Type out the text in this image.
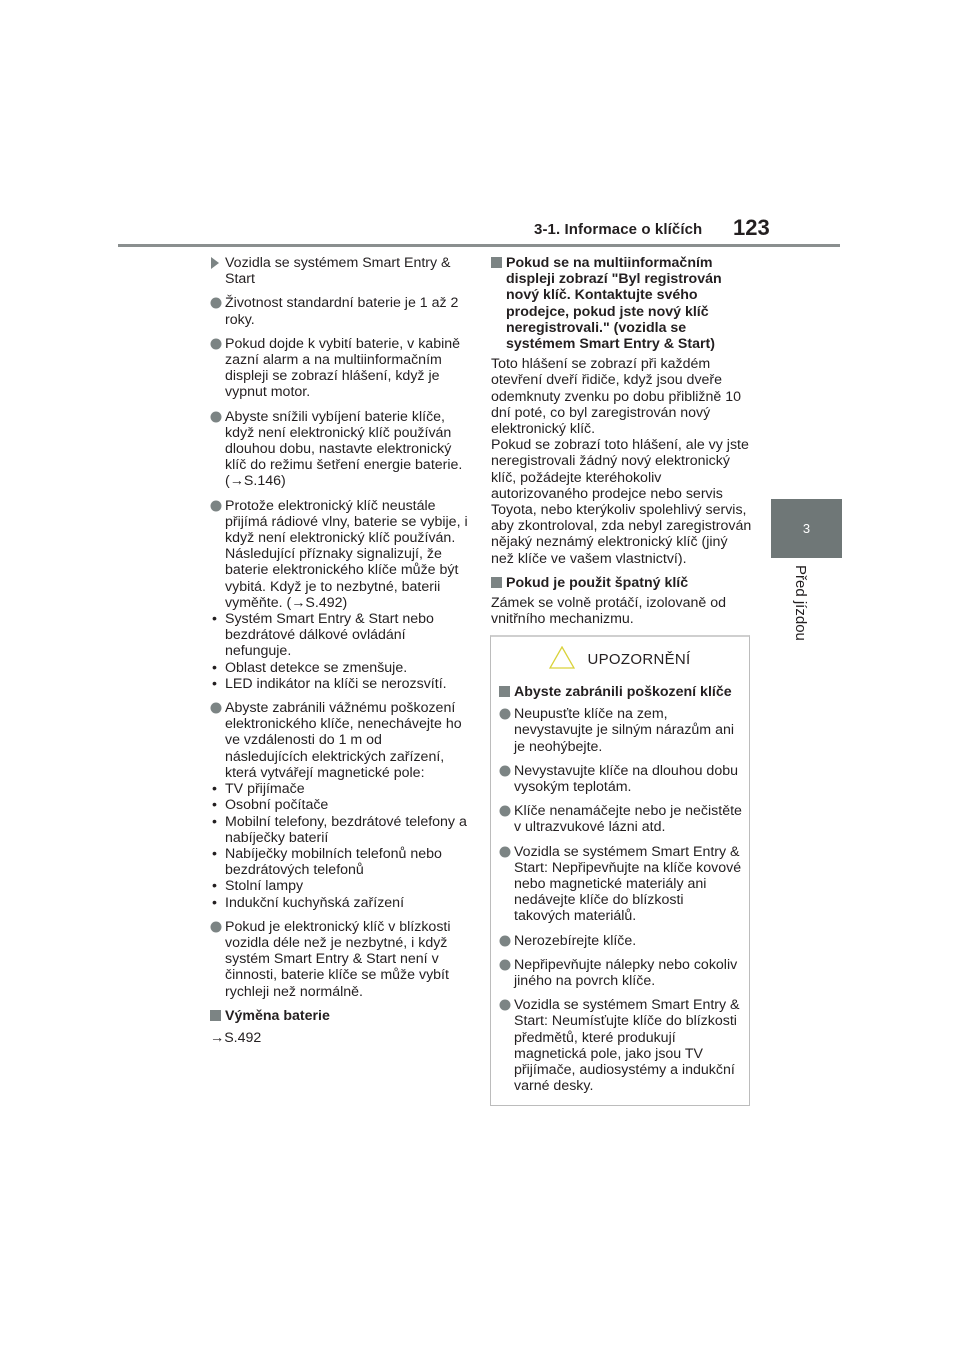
3-1. Informace o klíčích 123
3
Před jízdou
Vozidla se systémem Smart Entry & Start
Životnost standardní baterie je 1 až 2 roky.
Pokud dojde k vybití baterie, v kabině zazní alarm a na multiinformačním displeji se zobrazí hlášení, když je vypnut motor.
Abyste snížili vybíjení baterie klíče, když není elektronický klíč používán dlouhou dobu, nastavte elektronický klíč do režimu šetření energie baterie. (→S.146)
Protože elektronický klíč neustále přijímá rádiové vlny, baterie se vybije, i když není elektronický klíč používán. Následující příznaky signalizují, že baterie elektronického klíče může být vybitá. Když je to nezbytné, baterii vyměňte. (→S.492)
• Systém Smart Entry & Start nebo bezdrátové dálkové ovládání nefunguje.
• Oblast detekce se zmenšuje.
• LED indikátor na klíči se nerozsvítí.
Abyste zabránili vážnému poškození elektronického klíče, nenechávejte ho ve vzdálenosti do 1 m od následujících elektrických zařízení, která vytvářejí magnetické pole:
• TV přijímače
• Osobní počítače
• Mobilní telefony, bezdrátové telefony a nabíječky baterií
• Nabíječky mobilních telefonů nebo bezdrátových telefonů
• Stolní lampy
• Indukční kuchyňská zařízení
Pokud je elektronický klíč v blízkosti vozidla déle než je nezbytné, i když systém Smart Entry & Start není v činnosti, baterie klíče se může vybít rychleji než normálně.
Výměna baterie
→S.492
Pokud se na multiinformačním displeji zobrazí "Byl registrován nový klíč. Kontaktujte svého prodejce, pokud jste nový klíč neregistrovali." (vozidla se systémem Smart Entry & Start)

Toto hlášení se zobrazí při každém otevření dveří řidiče, když jsou dveře odemknuty zvenku po dobu přibližně 10 dní poté, co byl zaregistrován nový elektronický klíč.

Pokud se zobrazí toto hlášení, ale vy jste neregistrovali žádný nový elektronický klíč, požádejte kteréhokoliv autorizovaného prodejce nebo servis Toyota, nebo kterýkoliv spolehlivý servis, aby zkontroloval, zda nebyl zaregistrován nějaký neznámý elektronický klíč (jiný než klíče ve vašem vlastnictví).

Pokud je použit špatný klíč

Zámek se volně protáčí, izolovaně od vnitřního mechanizmu.

UPOZORNĚNÍ
Abyste zabránili poškození klíče
Neupusťte klíče na zem, nevystavujte je silným nárazům ani je neohýbejte.
Nevystavujte klíče na dlouhou dobu vysokým teplotám.
Klíče nenamáčejte nebo je nečistěte v ultrazvukové lázni atd.
Vozidla se systémem Smart Entry & Start: Nepřipevňujte na klíče kovové nebo magnetické materiály ani nedávejte klíče do blízkosti takových materiálů.
Nerozebírejte klíče.
Nepřipevňujte nálepky nebo cokoliv jiného na povrch klíče.
Vozidla se systémem Smart Entry & Start: Neumísťujte klíče do blízkosti předmětů, které produkují magnetická pole, jako jsou TV přijímače, audiosystémy a indukční varné desky.
